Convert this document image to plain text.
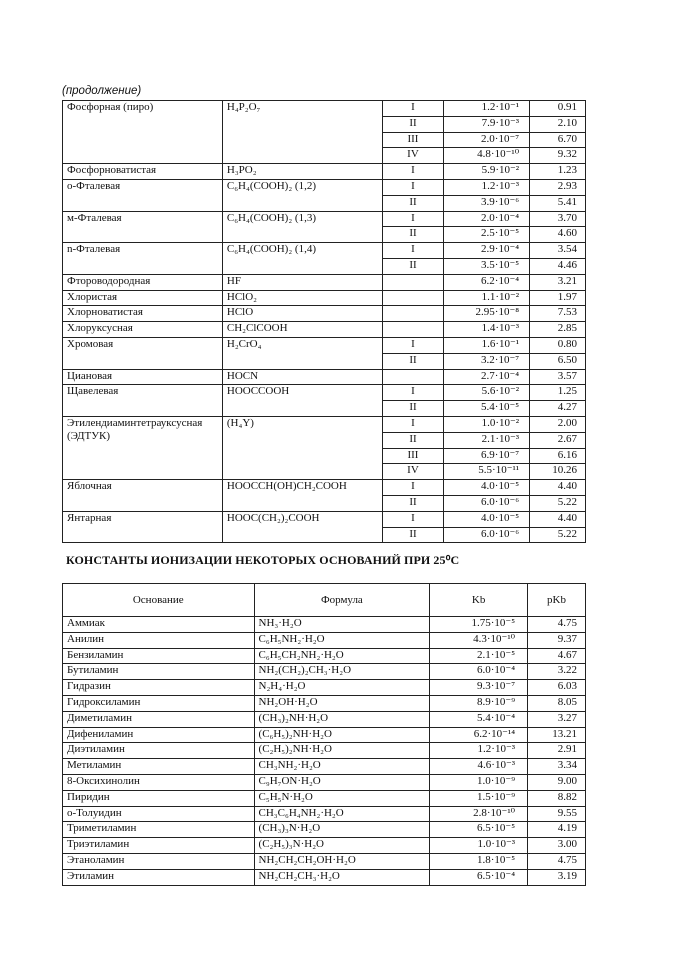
(продолжение)
Фосфорная (пиро)	H₄P₂O₇	I	1.2·10⁻¹	0.91
		II	7.9·10⁻³	2.10
		III	2.0·10⁻⁷	6.70
		IV	4.8·10⁻¹⁰	9.32
Фосфорноватистая	H₃PO₂	I	5.9·10⁻²	1.23
o-Фталевая	C₆H₄(COOH)₂ (1,2)	I	1.2·10⁻³	2.93
		II	3.9·10⁻⁶	5.41
м-Фталевая	C₆H₄(COOH)₂ (1,3)	I	2.0·10⁻⁴	3.70
		II	2.5·10⁻⁵	4.60
n-Фталевая	C₆H₄(COOH)₂ (1,4)	I	2.9·10⁻⁴	3.54
		II	3.5·10⁻⁵	4.46
Фтороводородная	HF		6.2·10⁻⁴	3.21
Хлористая	HClO₂		1.1·10⁻²	1.97
Хлорноватистая	HClO		2.95·10⁻⁸	7.53
Хлоруксусная	CH₂ClCOOH		1.4·10⁻³	2.85
Хромовая	H₂CrO₄	I	1.6·10⁻¹	0.80
		II	3.2·10⁻⁷	6.50
Циановая	HOCN		2.7·10⁻⁴	3.57
Щавелевая	HOOCCOOH	I	5.6·10⁻²	1.25
		II	5.4·10⁻⁵	4.27
Этилендиаминтетрауксусная (ЭДТУК)	(H₄Y)	I	1.0·10⁻²	2.00
		II	2.1·10⁻³	2.67
		III	6.9·10⁻⁷	6.16
		IV	5.5·10⁻¹¹	10.26
Яблочная	HOOCCH(OH)CH₂COOH	I	4.0·10⁻⁵	4.40
		II	6.0·10⁻⁶	5.22
Янтарная	HOOC(CH₂)₂COOH	I	4.0·10⁻⁵	4.40
		II	6.0·10⁻⁶	5.22
КОНСТАНТЫ ИОНИЗАЦИИ НЕКОТОРЫХ ОСНОВАНИЙ ПРИ 25⁰С
Основание	Формула	Kb	pKb
Аммиак	NH₃·H₂O	1.75·10⁻⁵	4.75
Анилин	C₆H₅NH₂·H₂O	4.3·10⁻¹⁰	9.37
Бензиламин	C₆H₅CH₂NH₂·H₂O	2.1·10⁻⁵	4.67
Бутиламин	NH₂(CH₂)₂CH₃·H₂O	6.0·10⁻⁴	3.22
Гидразин	N₂H₄·H₂O	9.3·10⁻⁷	6.03
Гидроксиламин	NH₂OH·H₂O	8.9·10⁻⁹	8.05
Диметиламин	(CH₃)₂NH·H₂O	5.4·10⁻⁴	3.27
Дифениламин	(C₆H₅)₂NH·H₂O	6.2·10⁻¹⁴	13.21
Диэтиламин	(C₂H₅)₂NH·H₂O	1.2·10⁻³	2.91
Метиламин	CH₃NH₂·H₂O	4.6·10⁻³	3.34
8-Оксихинолин	C₉H₇ON·H₂O	1.0·10⁻⁹	9.00
Пиридин	C₅H₅N·H₂O	1.5·10⁻⁹	8.82
о-Толуидин	CH₃C₆H₄NH₂·H₂O	2.8·10⁻¹⁰	9.55
Триметиламин	(CH₃)₃N·H₂O	6.5·10⁻⁵	4.19
Триэтиламин	(C₂H₅)₃N·H₂O	1.0·10⁻³	3.00
Этаноламин	NH₂CH₂CH₂OH·H₂O	1.8·10⁻⁵	4.75
Этиламин	NH₂CH₂CH₃·H₂O	6.5·10⁻⁴	3.19
